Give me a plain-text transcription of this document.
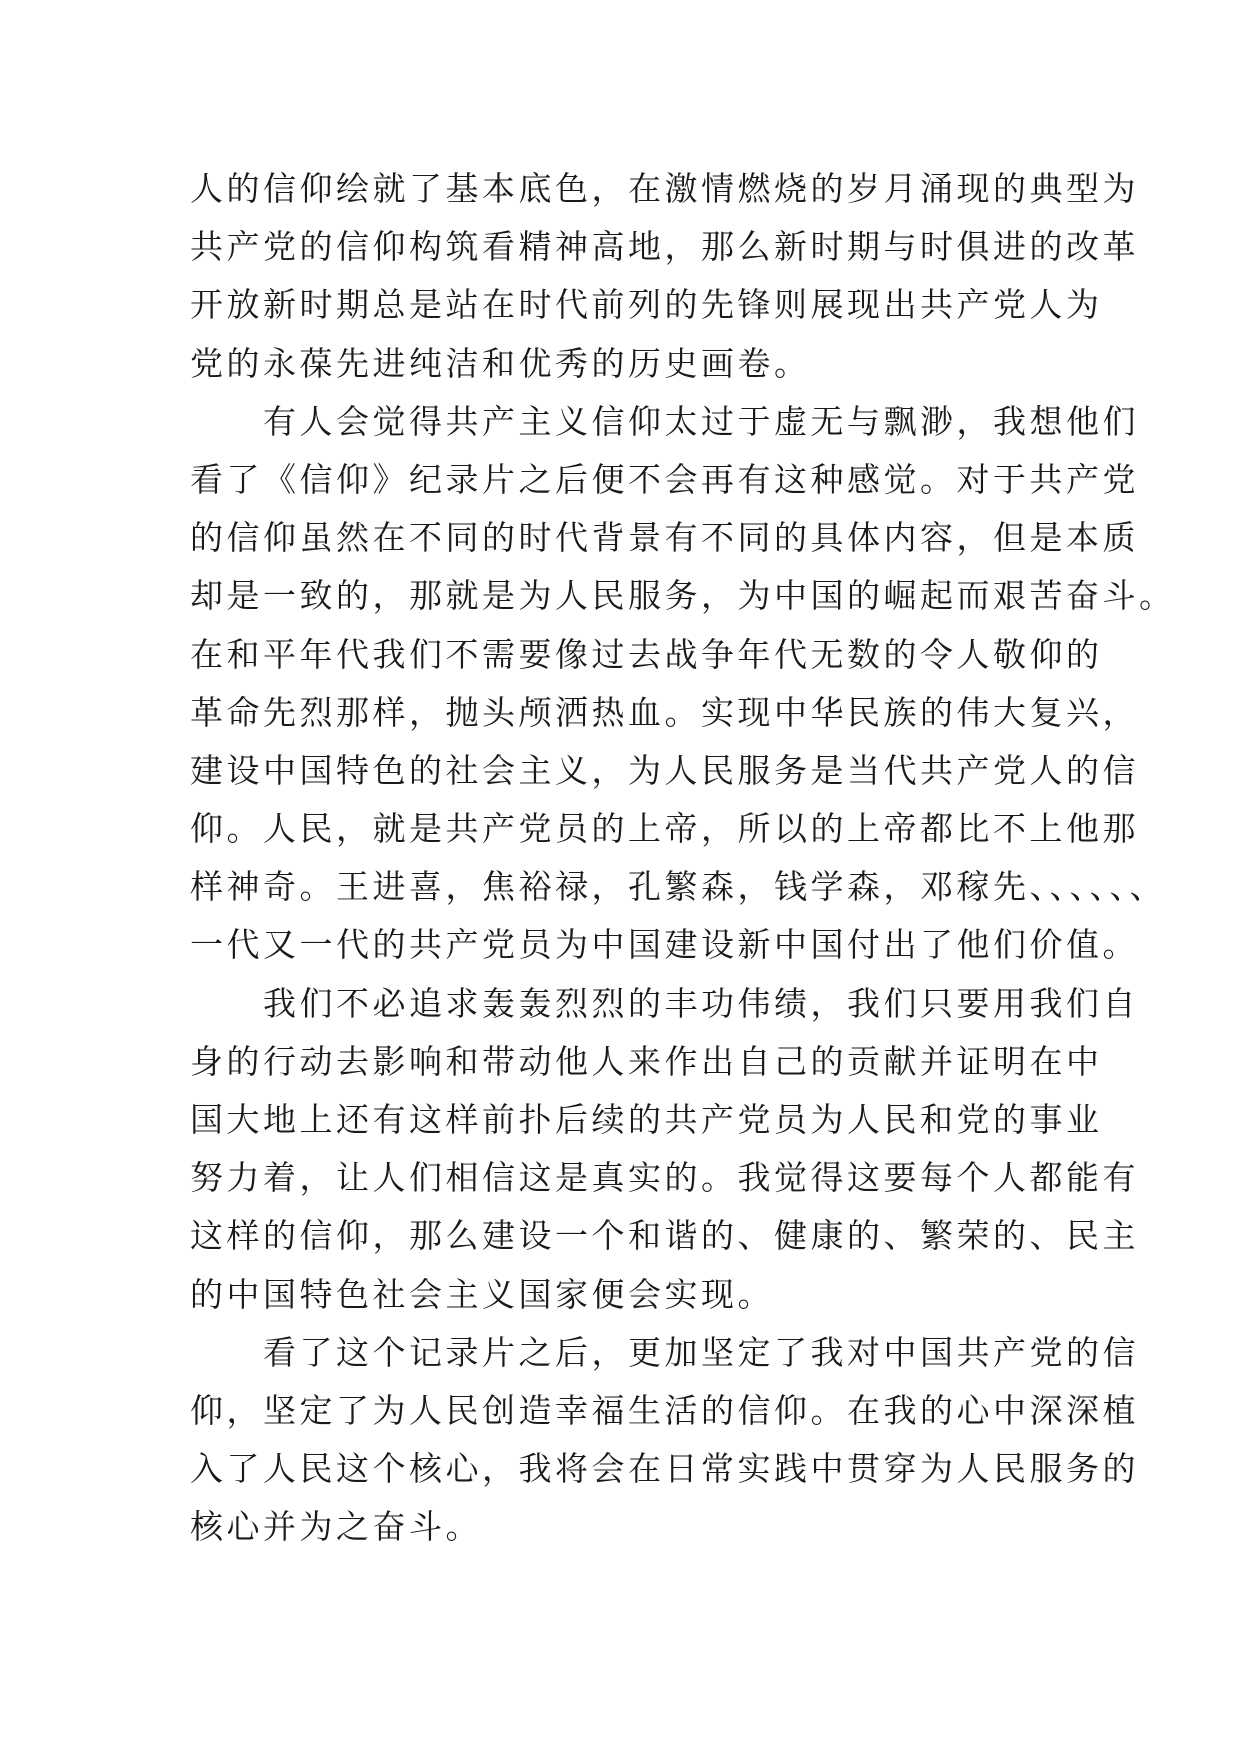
人的信仰绘就了基本底色，在激情燃烧的岁月涌现的典型为
共产党的信仰构筑看精神高地，那么新时期与时俱进的改革
开放新时期总是站在时代前列的先锋则展现出共产党人为
党的永葆先进纯洁和优秀的历史画卷。
　　有人会觉得共产主义信仰太过于虚无与飘渺，我想他们
看了《信仰》纪录片之后便不会再有这种感觉。对于共产党
的信仰虽然在不同的时代背景有不同的具体内容，但是本质
却是一致的，那就是为人民服务，为中国的崛起而艰苦奋斗。
在和平年代我们不需要像过去战争年代无数的令人敬仰的
革命先烈那样，抛头颅洒热血。实现中华民族的伟大复兴，
建设中国特色的社会主义，为人民服务是当代共产党人的信
仰。人民，就是共产党员的上帝，所以的上帝都比不上他那
样神奇。王进喜，焦裕禄，孔繁森，钱学森，邓稼先、、、、、、
一代又一代的共产党员为中国建设新中国付出了他们价值。
　　我们不必追求轰轰烈烈的丰功伟绩，我们只要用我们自
身的行动去影响和带动他人来作出自己的贡献并证明在中
国大地上还有这样前扑后续的共产党员为人民和党的事业
努力着，让人们相信这是真实的。我觉得这要每个人都能有
这样的信仰，那么建设一个和谐的、健康的、繁荣的、民主
的中国特色社会主义国家便会实现。
　　看了这个记录片之后，更加坚定了我对中国共产党的信
仰，坚定了为人民创造幸福生活的信仰。在我的心中深深植
入了人民这个核心，我将会在日常实践中贯穿为人民服务的
核心并为之奋斗。
